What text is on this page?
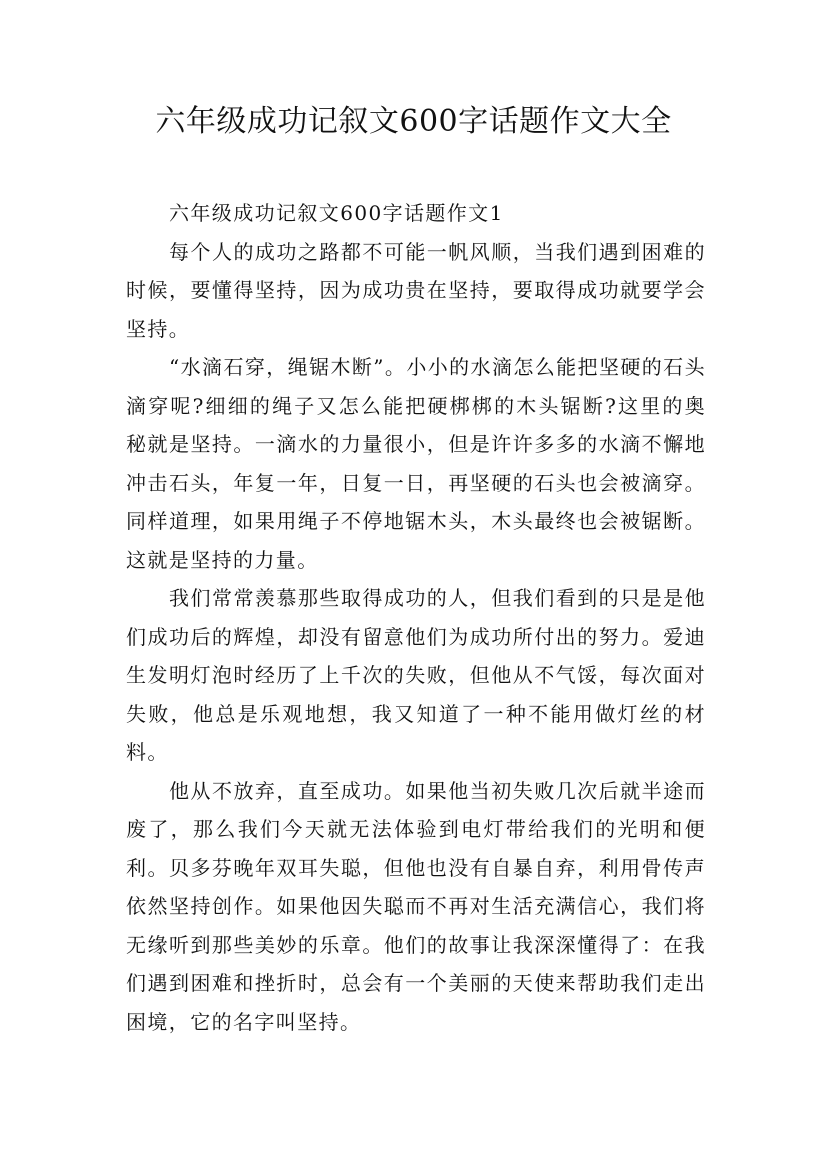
六年级成功记叙文600字话题作文大全

六年级成功记叙文600字话题作文1

每个人的成功之路都不可能一帆风顺，当我们遇到困难的时候，要懂得坚持，因为成功贵在坚持，要取得成功就要学会坚持。

“水滴石穿，绳锯木断”。小小的水滴怎么能把坚硬的石头滴穿呢?细细的绳子又怎么能把硬梆梆的木头锯断?这里的奥秘就是坚持。一滴水的力量很小，但是许许多多的水滴不懈地冲击石头，年复一年，日复一日，再坚硬的石头也会被滴穿。同样道理，如果用绳子不停地锯木头，木头最终也会被锯断。这就是坚持的力量。

我们常常羡慕那些取得成功的人，但我们看到的只是是他们成功后的辉煌，却没有留意他们为成功所付出的努力。爱迪生发明灯泡时经历了上千次的失败，但他从不气馁，每次面对失败，他总是乐观地想，我又知道了一种不能用做灯丝的材料。

他从不放弃，直至成功。如果他当初失败几次后就半途而废了，那么我们今天就无法体验到电灯带给我们的光明和便利。贝多芬晚年双耳失聪，但他也没有自暴自弃，利用骨传声依然坚持创作。如果他因失聪而不再对生活充满信心，我们将无缘听到那些美妙的乐章。他们的故事让我深深懂得了：在我们遇到困难和挫折时，总会有一个美丽的天使来帮助我们走出困境，它的名字叫坚持。
